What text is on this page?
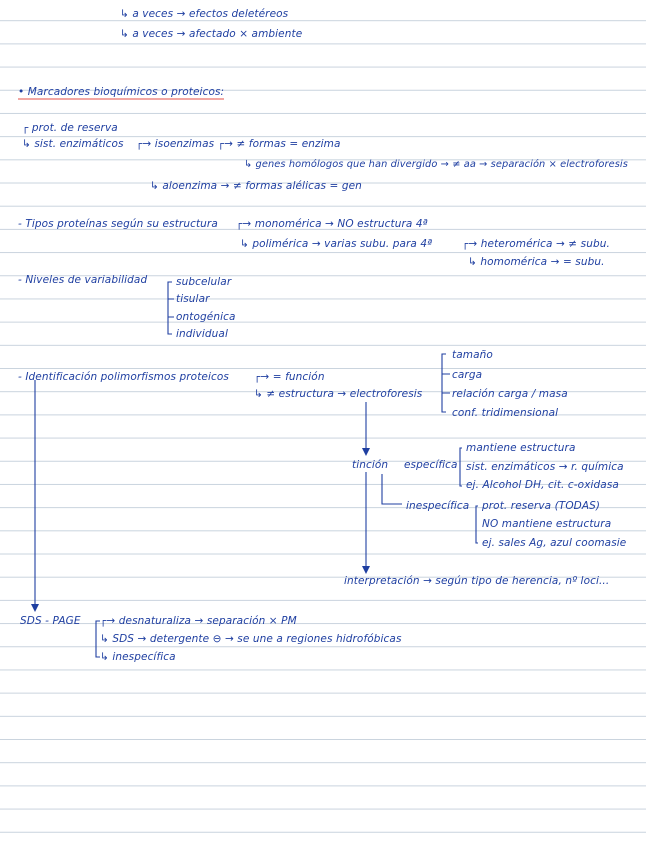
↳ a veces → efectos deletéreos
↳ a veces → afectado × ambiente
• Marcadores bioquímicos o proteicos:
┌ prot. de reserva
↳ sist. enzimáticos ┌→ isoenzimas ┌→ ≠ formas = enzima
↳ genes homólogos que han divergido → ≠ aa → separación × electroforesis
↳ aloenzima → ≠ formas alélicas = gen
- Tipos proteínas según su estructura ┌→ monomérica → NO estructura 4ª
↳ polimérica → varias subu. para 4ª	┌→ heteromérica → ≠ subu.
↳ homomérica → = subu.
- Niveles de variabilidad	subcelular
tisular
ontogénica
individual
- Identificación polimorfismos proteicos ┌→ = función
↳ ≠ estructura → electroforesis
tamaño
carga
relación carga / masa
conf. tridimensional
tinción específica
mantiene estructura
sist. enzimáticos → r. química
ej. Alcohol DH, cit. c-oxidasa
inespecífica prot. reserva (TODAS)
NO mantiene estructura
ej. sales Ag, azul coomasie
interpretación → según tipo de herencia, nº loci...
SDS - PAGE ┌→ desnaturaliza → separación × PM
↳ SDS → detergente ⊖ → se une a regiones hidrofóbicas
↳ inespecífica
